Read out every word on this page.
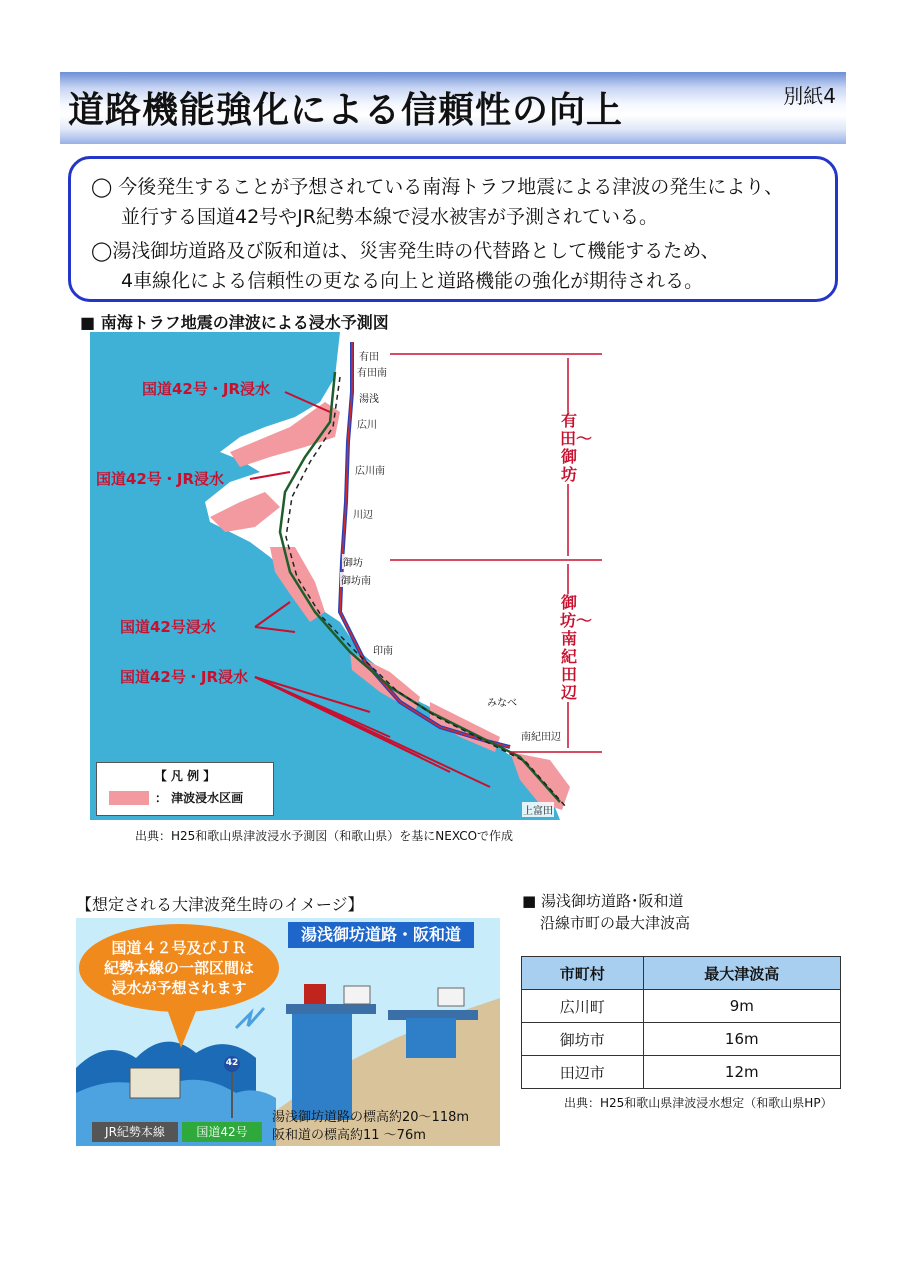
道路機能強化による信頼性の向上	別紙4
◯ 今後発生することが予想されている南海トラフ地震による津波の発生により、
並行する国道42号やJR紀勢本線で浸水被害が予測されている。
◯湯浅御坊道路及び阪和道は、災害発生時の代替路として機能するため、
4車線化による信頼性の更なる向上と道路機能の強化が期待される。
■ 南海トラフ地震の津波による浸水予測図
国道42号・JR浸水
国道42号・JR浸水
国道42号浸水
国道42号・JR浸水
有田
有田南
湯浅
広川
広川南
川辺
御坊
御坊南
印南
みなべ
南紀田辺
上富田
有田〜御坊
御坊〜南紀田辺
【 凡 例 】
： 津波浸水区画
出典：H25和歌山県津波浸水予測図（和歌山県）を基にNEXCOで作成
【想定される大津波発生時のイメージ】
湯浅御坊道路・阪和道
国道４２号及びＪＲ
紀勢本線の一部区間は
浸水が予想されます
42
湯浅御坊道路の標高約20〜118m
阪和道の標高約11 〜76m
JR紀勢本線	国道42号
■ 湯浅御坊道路･阪和道
沿線市町の最大津波高
市町村	最大津波高
広川町	9m
御坊市	16m
田辺市	12m
出典：H25和歌山県津波浸水想定（和歌山県HP）
